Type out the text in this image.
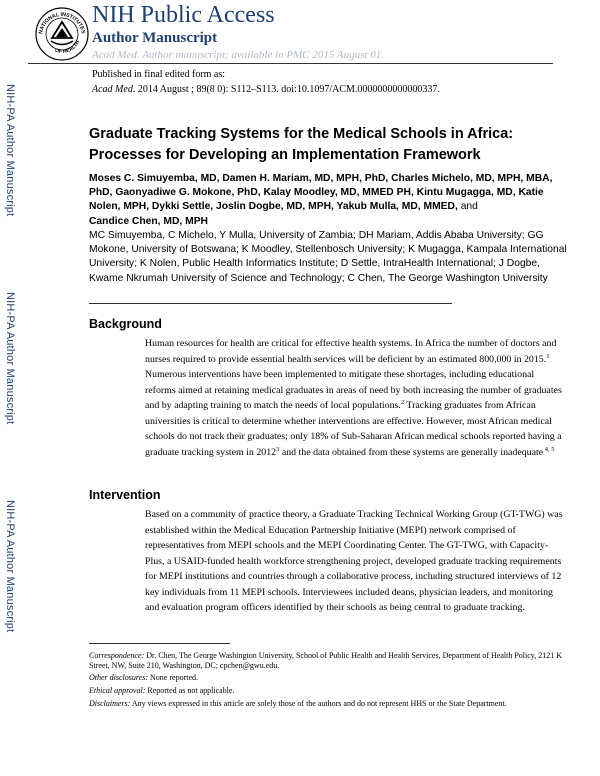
NATIONAL INSTITUTES
OF HEALTH
NIH Public Access
Author Manuscript
Acad Med. Author manuscript; available in PMC 2015 August 01.
Published in final edited form as:
Acad Med. 2014 August ; 89(8 0): S112–S113. doi:10.1097/ACM.0000000000000337.
NIH-PA Author Manuscript
NIH-PA Author Manuscript
NIH-PA Author Manuscript
Graduate Tracking Systems for the Medical Schools in Africa: Processes for Developing an Implementation Framework
Moses C. Simuyemba, MD, Damen H. Mariam, MD, MPH, PhD, Charles Michelo, MD, MPH, MBA, PhD, Gaonyadiwe G. Mokone, PhD, Kalay Moodley, MD, MMED PH, Kintu Mugagga, MD, Katie Nolen, MPH, Dykki Settle, Joslin Dogbe, MD, MPH, Yakub Mulla, MD, MMED, and
Candice Chen, MD, MPH
MC Simuyemba, C Michelo, Y Mulla, University of Zambia; DH Mariam, Addis Ababa University; GG Mokone, University of Botswana; K Moodley, Stellenbosch University; K Mugagga, Kampala International University; K Nolen, Public Health Informatics Institute; D Settle, IntraHealth International; J Dogbe, Kwame Nkrumah University of Science and Technology; C Chen, The George Washington University
Background
Human resources for health are critical for effective health systems. In Africa the number of doctors and nurses required to provide essential health services will be deficient by an estimated 800,000 in 2015.$^1$ Numerous interventions have been implemented to mitigate these shortages, including educational reforms aimed at retaining medical graduates in areas of need by both increasing the number of graduates and by adapting training to match the needs of local populations.$^2$ Tracking graduates from African universities is critical to determine whether interventions are effective. However, most African medical schools do not track their graduates; only 18% of Sub-Saharan African medical schools reported having a graduate tracking system in 2012$^3$ and the data obtained from these systems are generally inadequate $^{4, 5}$
Intervention
Based on a community of practice theory, a Graduate Tracking Technical Working Group (GT-TWG) was established within the Medical Education Partnership Initiative (MEPI) network comprised of representatives from MEPI schools and the MEPI Coordinating Center. The GT-TWG, with Capacity-Plus, a USAID-funded health workforce strengthening project, developed graduate tracking requirements for MEPI institutions and countries through a collaborative process, including structured interviews of 12 key individuals from 11 MEPI schools. Interviewees included deans, physician leaders, and monitoring and evaluation program officers identified by their schools as being central to graduate tracking.
Correspondence: Dr. Chen, The George Washington University, School of Public Health and Health Services, Department of Health Policy, 2121 K Street, NW, Suite 210, Washington, DC; cpchen@gwu.edu.
Other disclosures: None reported.
Ethical approval: Reported as not applicable.
Disclaimers: Any views expressed in this article are solely those of the authors and do not represent HHS or the State Department.
